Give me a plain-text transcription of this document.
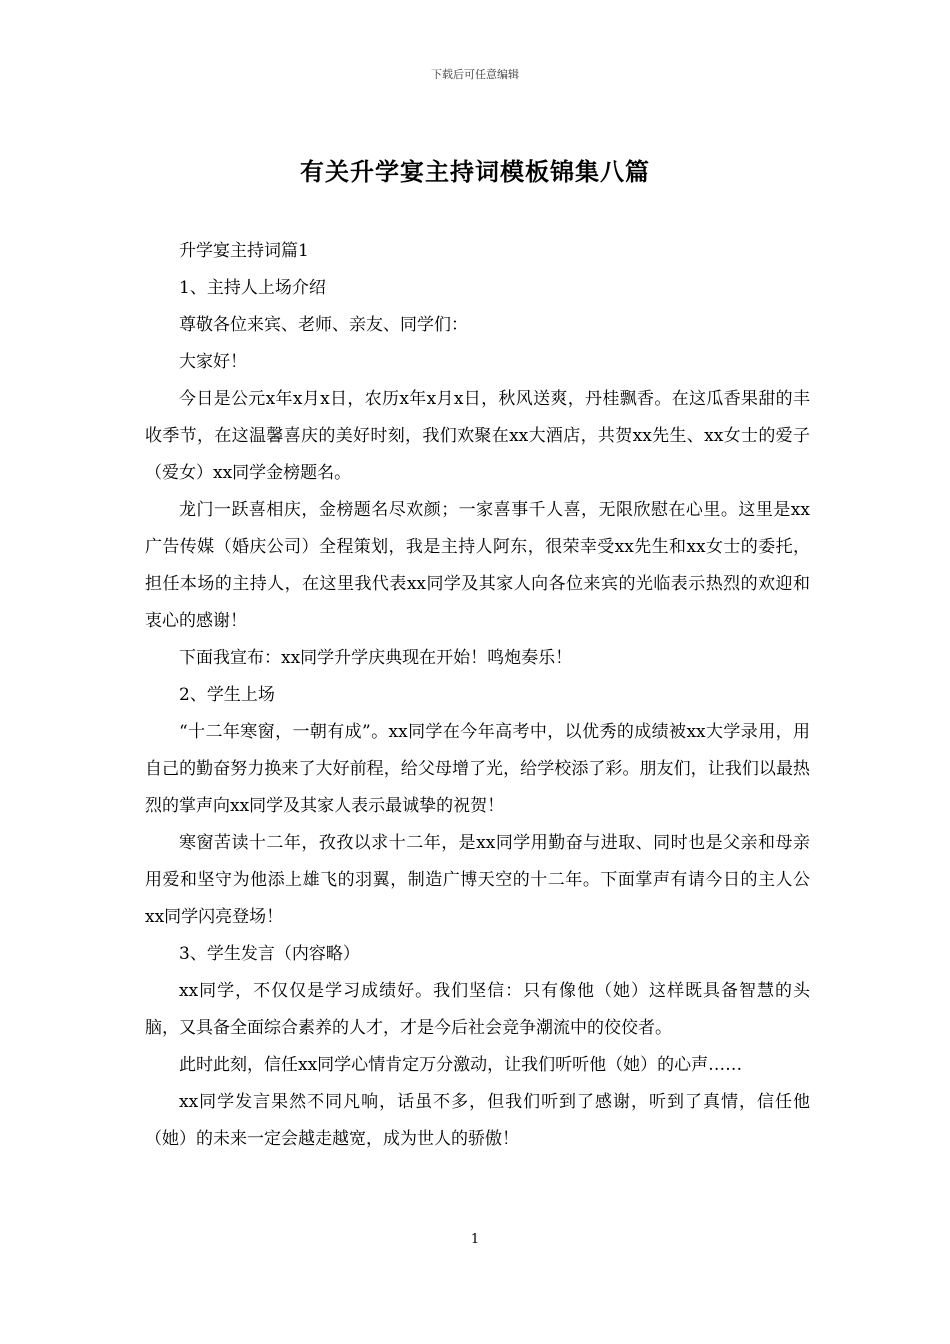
下载后可任意编辑
有关升学宴主持词模板锦集八篇

升学宴主持词篇1

1、主持人上场介绍

尊敬各位来宾、老师、亲友、同学们：

大家好！

今日是公元x年x月x日，农历x年x月x日，秋风送爽，丹桂飘香。在这瓜香果甜的丰收季节，在这温馨喜庆的美好时刻，我们欢聚在xx大酒店，共贺xx先生、xx女士的爱子（爱女）xx同学金榜题名。

龙门一跃喜相庆，金榜题名尽欢颜；一家喜事千人喜，无限欣慰在心里。这里是xx广告传媒（婚庆公司）全程策划，我是主持人阿东，很荣幸受xx先生和xx女士的委托，担任本场的主持人，在这里我代表xx同学及其家人向各位来宾的光临表示热烈的欢迎和衷心的感谢！

下面我宣布：xx同学升学庆典现在开始！鸣炮奏乐！

2、学生上场

“十二年寒窗，一朝有成”。xx同学在今年高考中，以优秀的成绩被xx大学录用，用自己的勤奋努力换来了大好前程，给父母增了光，给学校添了彩。朋友们，让我们以最热烈的掌声向xx同学及其家人表示最诚挚的祝贺！

寒窗苦读十二年，孜孜以求十二年，是xx同学用勤奋与进取、同时也是父亲和母亲用爱和坚守为他添上雄飞的羽翼，制造广博天空的十二年。下面掌声有请今日的主人公xx同学闪亮登场！

3、学生发言（内容略）

xx同学，不仅仅是学习成绩好。我们坚信：只有像他（她）这样既具备智慧的头脑，又具备全面综合素养的人才，才是今后社会竞争潮流中的佼佼者。

此时此刻，信任xx同学心情肯定万分激动，让我们听听他（她）的心声……

xx同学发言果然不同凡响，话虽不多，但我们听到了感谢，听到了真情，信任他（她）的未来一定会越走越宽，成为世人的骄傲！

1
